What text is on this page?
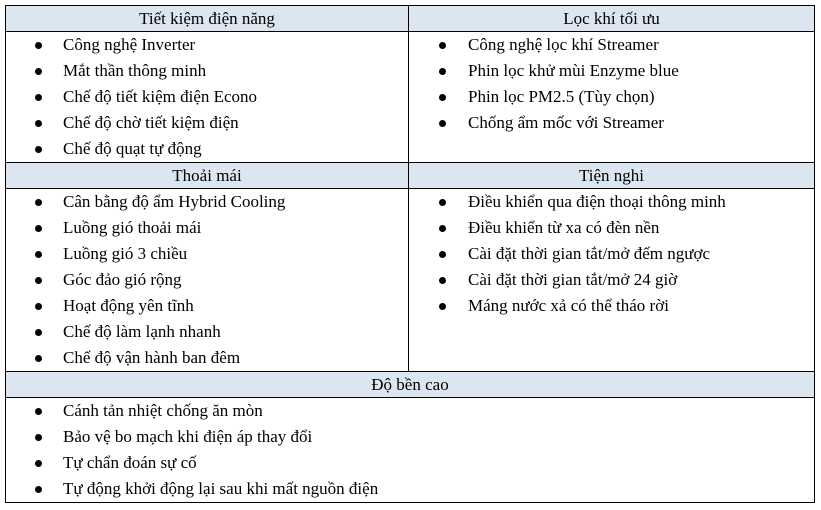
Tiết kiệm điện năng
Công nghệ Inverter
Mắt thần thông minh
Chế độ tiết kiệm điện Econo
Chế độ chờ tiết kiệm điện
Chế độ quạt tự động
Lọc khí tối ưu
Công nghệ lọc khí Streamer
Phin lọc khử mùi Enzyme blue
Phin lọc PM2.5 (Tùy chọn)
Chống ẩm mốc với Streamer
Thoải mái
Cân bằng độ ẩm Hybrid Cooling
Luồng gió thoải mái
Luồng gió 3 chiều
Góc đảo gió rộng
Hoạt động yên tĩnh
Chế độ làm lạnh nhanh
Chế độ vận hành ban đêm
Tiện nghi
Điều khiển qua điện thoại thông minh
Điều khiển từ xa có đèn nền
Cài đặt thời gian tắt/mở đếm ngược
Cài đặt thời gian tắt/mở 24 giờ
Máng nước xả có thể tháo rời
Độ bền cao
Cánh tản nhiệt chống ăn mòn
Bảo vệ bo mạch khi điện áp thay đổi
Tự chẩn đoán sự cố
Tự động khởi động lại sau khi mất nguồn điện
